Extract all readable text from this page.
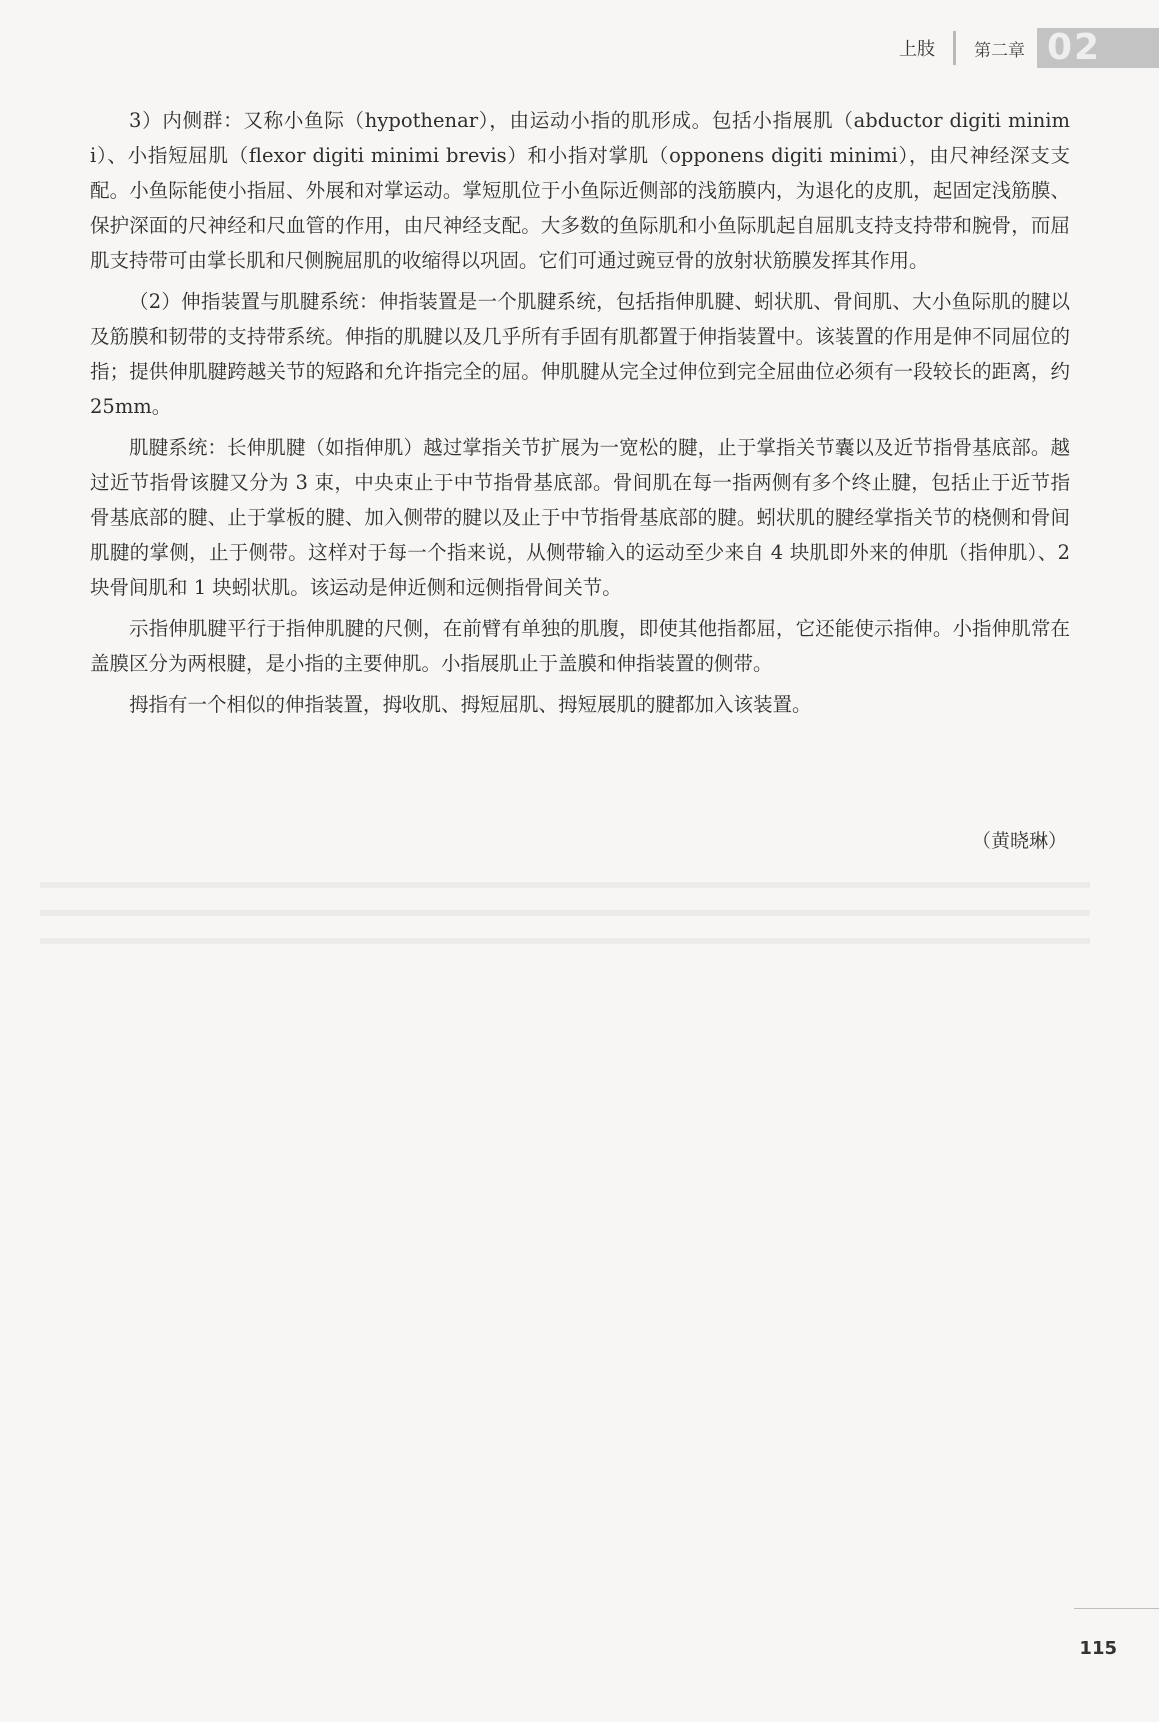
上肢 第二章 02

3）内侧群：又称小鱼际（hypothenar），由运动小指的肌形成。包括小指展肌（abductor digiti minimi）、小指短屈肌（flexor digiti minimi brevis）和小指对掌肌（opponens digiti minimi），由尺神经深支支配。小鱼际能使小指屈、外展和对掌运动。掌短肌位于小鱼际近侧部的浅筋膜内，为退化的皮肌，起固定浅筋膜、保护深面的尺神经和尺血管的作用，由尺神经支配。大多数的鱼际肌和小鱼际肌起自屈肌支持支持带和腕骨，而屈肌支持带可由掌长肌和尺侧腕屈肌的收缩得以巩固。它们可通过豌豆骨的放射状筋膜发挥其作用。

（2）伸指装置与肌腱系统：伸指装置是一个肌腱系统，包括指伸肌腱、蚓状肌、骨间肌、大小鱼际肌的腱以及筋膜和韧带的支持带系统。伸指的肌腱以及几乎所有手固有肌都置于伸指装置中。该装置的作用是伸不同屈位的指；提供伸肌腱跨越关节的短路和允许指完全的屈。伸肌腱从完全过伸位到完全屈曲位必须有一段较长的距离，约 25mm。

肌腱系统：长伸肌腱（如指伸肌）越过掌指关节扩展为一宽松的腱，止于掌指关节囊以及近节指骨基底部。越过近节指骨该腱又分为 3 束，中央束止于中节指骨基底部。骨间肌在每一指两侧有多个终止腱，包括止于近节指骨基底部的腱、止于掌板的腱、加入侧带的腱以及止于中节指骨基底部的腱。蚓状肌的腱经掌指关节的桡侧和骨间肌腱的掌侧，止于侧带。这样对于每一个指来说，从侧带输入的运动至少来自 4 块肌即外来的伸肌（指伸肌）、2 块骨间肌和 1 块蚓状肌。该运动是伸近侧和远侧指骨间关节。

示指伸肌腱平行于指伸肌腱的尺侧，在前臂有单独的肌腹，即使其他指都屈，它还能使示指伸。小指伸肌常在盖膜区分为两根腱，是小指的主要伸肌。小指展肌止于盖膜和伸指装置的侧带。

拇指有一个相似的伸指装置，拇收肌、拇短屈肌、拇短展肌的腱都加入该装置。

（黄晓琳）
115
